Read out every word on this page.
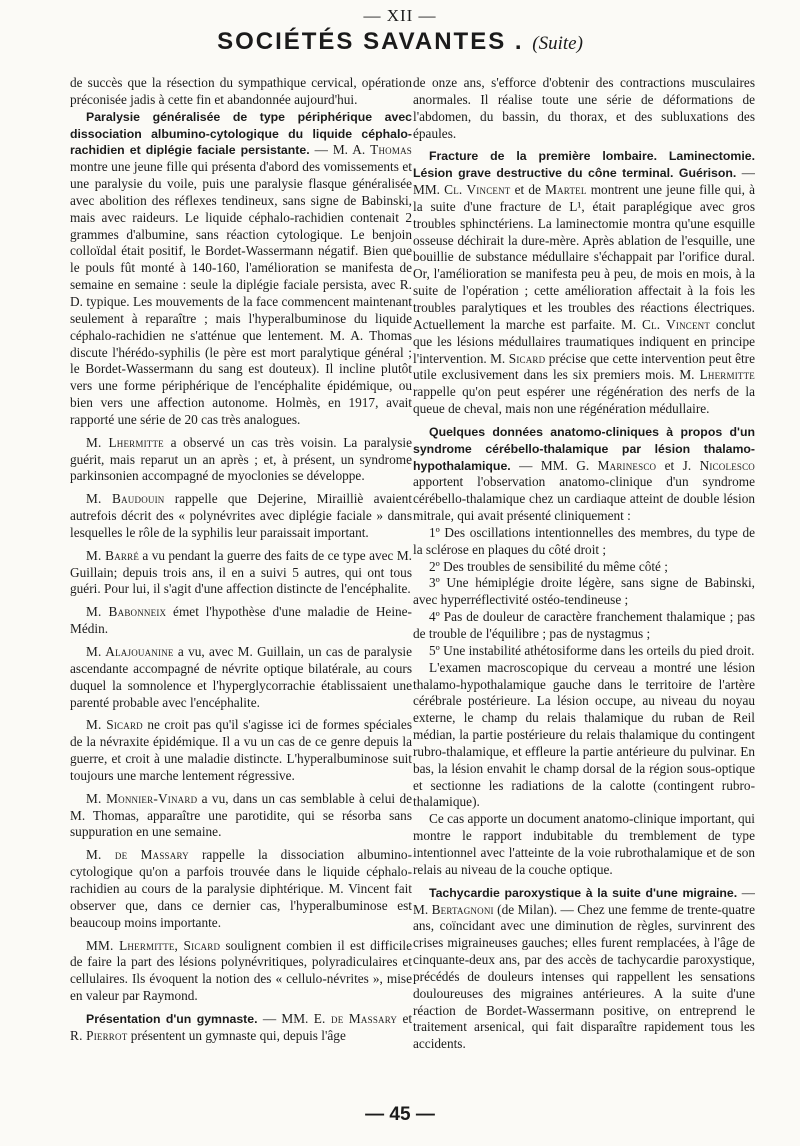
— XII —
SOCIÉTÉS SAVANTES . (Suite)

de succès que la résection du sympathique cervical, opération préconisée jadis à cette fin et abandonnée aujourd'hui.

Paralysie généralisée de type périphérique avec dissociation albumino-cytologique du liquide céphalo-rachidien et diplégie faciale persistante. — M. A. Thomas montre une jeune fille qui présenta d'abord des vomissements et une paralysie du voile, puis une paralysie flasque généralisée avec abolition des réflexes tendineux, sans signe de Babinski, mais avec raideurs. Le liquide céphalo-rachidien contenait 2 grammes d'albumine, sans réaction cytologique. Le benjoin colloïdal était positif, le Bordet-Wassermann négatif. Bien que le pouls fût monté à 140-160, l'amélioration se manifesta de semaine en semaine : seule la diplégie faciale persista, avec R. D. typique. Les mouvements de la face commencent maintenant seulement à reparaître ; mais l'hyperalbuminose du liquide céphalo-rachidien ne s'atténue que lentement. M. A. Thomas discute l'hérédo-syphilis (le père est mort paralytique général ; le Bordet-Wassermann du sang est douteux). Il incline plutôt vers une forme périphérique de l'encéphalite épidémique, ou bien vers une affection autonome. Holmès, en 1917, avait rapporté une série de 20 cas très analogues.

M. Lhermitte a observé un cas très voisin. La paralysie guérit, mais reparut un an après ; et, à présent, un syndrome parkinsonien accompagné de myoclonies se développe.

M. Baudouin rappelle que Dejerine, Mirailliè avaient autrefois décrit des « polynévrites avec diplégie faciale » dans lesquelles le rôle de la syphilis leur paraissait important.

M. Barré a vu pendant la guerre des faits de ce type avec M. Guillain; depuis trois ans, il en a suivi 5 autres, qui ont tous guéri. Pour lui, il s'agit d'une affection distincte de l'encéphalite.

M. Babonneix émet l'hypothèse d'une maladie de Heine-Médin.

M. Alajouanine a vu, avec M. Guillain, un cas de paralysie ascendante accompagné de névrite optique bilatérale, au cours duquel la somnolence et l'hyperglycorrachie établissaient une parenté probable avec l'encéphalite.

M. Sicard ne croit pas qu'il s'agisse ici de formes spéciales de la névraxite épidémique. Il a vu un cas de ce genre depuis la guerre, et croit à une maladie distincte. L'hyperalbuminose suit toujours une marche lentement régressive.

M. Monnier-Vinard a vu, dans un cas semblable à celui de M. Thomas, apparaître une parotidite, qui se résorba sans suppuration en une semaine.

M. de Massary rappelle la dissociation albumino-cytologique qu'on a parfois trouvée dans le liquide céphalo-rachidien au cours de la paralysie diphtérique. M. Vincent fait observer que, dans ce dernier cas, l'hyperalbuminose est beaucoup moins importante.

MM. Lhermitte, Sicard soulignent combien il est difficile de faire la part des lésions polynévritiques, polyradiculaires et cellulaires. Ils évoquent la notion des « cellulo-névrites », mise en valeur par Raymond.

Présentation d'un gymnaste. — MM. E. de Massary et R. Pierrot présentent un gymnaste qui, depuis l'âge

de onze ans, s'efforce d'obtenir des contractions musculaires anormales. Il réalise toute une série de déformations de l'abdomen, du bassin, du thorax, et des subluxations des épaules.

Fracture de la première lombaire. Laminectomie. Lésion grave destructive du cône terminal. Guérison. — MM. Cl. Vincent et de Martel montrent une jeune fille qui, à la suite d'une fracture de L¹, était paraplégique avec gros troubles sphinctériens. La laminectomie montra qu'une esquille osseuse déchirait la dure-mère. Après ablation de l'esquille, une bouillie de substance médullaire s'échappait par l'orifice dural. Or, l'amélioration se manifesta peu à peu, de mois en mois, à la suite de l'opération ; cette amélioration affectait à la fois les troubles paralytiques et les troubles des réactions électriques. Actuellement la marche est parfaite. M. Cl. Vincent conclut que les lésions médullaires traumatiques indiquent en principe l'intervention. M. Sicard précise que cette intervention peut être utile exclusivement dans les six premiers mois. M. Lhermitte rappelle qu'on peut espérer une régénération des nerfs de la queue de cheval, mais non une régénération médullaire.

Quelques données anatomo-cliniques à propos d'un syndrome cérébello-thalamique par lésion thalamo-hypothalamique. — MM. G. Marinesco et J. Nicolesco apportent l'observation anatomo-clinique d'un syndrome cérébello-thalamique chez un cardiaque atteint de double lésion mitrale, qui avait présenté cliniquement :

1º Des oscillations intentionnelles des membres, du type de la sclérose en plaques du côté droit ;

2º Des troubles de sensibilité du même côté ;

3º Une hémiplégie droite légère, sans signe de Babinski, avec hyperréflectivité ostéo-tendineuse ;

4º Pas de douleur de caractère franchement thalamique ; pas de trouble de l'équilibre ; pas de nystagmus ;

5º Une instabilité athétosiforme dans les orteils du pied droit.

L'examen macroscopique du cerveau a montré une lésion thalamo-hypothalamique gauche dans le territoire de l'artère cérébrale postérieure. La lésion occupe, au niveau du noyau externe, le champ du relais thalamique du ruban de Reil médian, la partie postérieure du relais thalamique du contingent rubro-thalamique, et effleure la partie antérieure du pulvinar. En bas, la lésion envahit le champ dorsal de la région sous-optique et sectionne les radiations de la calotte (contingent rubro-thalamique).

Ce cas apporte un document anatomo-clinique important, qui montre le rapport indubitable du tremblement de type intentionnel avec l'atteinte de la voie rubrothalamique et de son relais au niveau de la couche optique.

Tachycardie paroxystique à la suite d'une migraine. — M. Bertagnoni (de Milan). — Chez une femme de trente-quatre ans, coïncidant avec une diminution de règles, survinrent des crises migraineuses gauches; elles furent remplacées, à l'âge de cinquante-deux ans, par des accès de tachycardie paroxystique, précédés de douleurs intenses qui rappellent les sensations douloureuses des migraines antérieures. A la suite d'une réaction de Bordet-Wassermann positive, on entreprend le traitement arsenical, qui fait disparaître rapidement tous les accidents.

— 45 —
